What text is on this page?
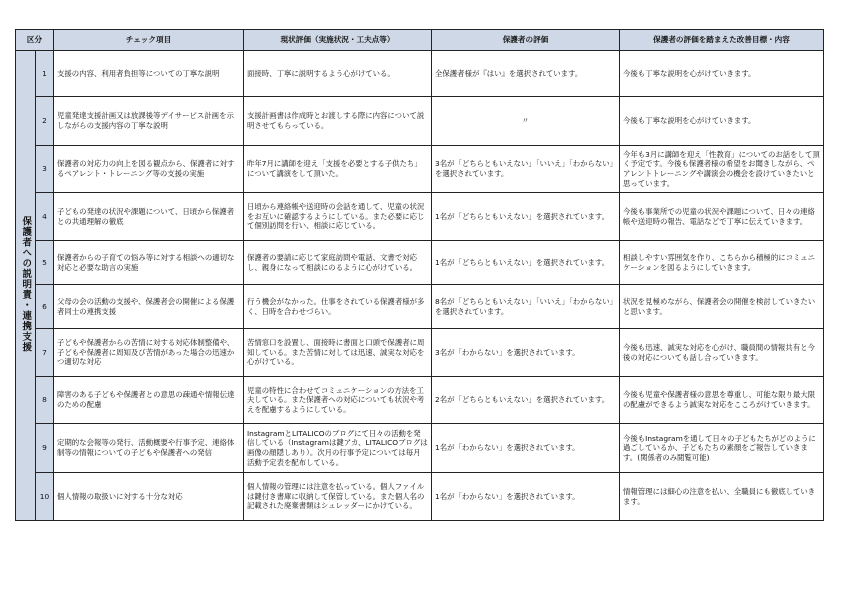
区分		チェック項目	現状評価（実施状況・工夫点等）	保護者の評価	保護者の評価を踏まえた改善目標・内容
保護者への説明責・連携支援	1	支援の内容、利用者負担等についての丁寧な説明	面接時、丁寧に説明するよう心がけている。	全保護者様が『はい』を選択されています。	今後も丁寧な説明を心がけていきます。
	2	児童発達支援計画又は放課後等デイサービス計画を示しながらの支援内容の丁寧な説明	支援計画書は作成時とお渡しする際に内容について説明させてもらっている。	〃	今後も丁寧な説明を心がけていきます。
	3	保護者の対応力の向上を図る観点から、保護者に対するペアレント・トレーニング等の支援の実施	昨年7月に講師を迎え「支援を必要とする子供たち」について講演をして頂いた。	3名が「どちらともいえない」「いいえ」「わからない」を選択されています。	今年も3月に講師を迎え「性教育」についてのお話をして頂く予定です。今後も保護者様の希望をお聞きしながら、ペアレントトレーニングや講演会の機会を設けていきたいと思っています。
	4	子どもの発達の状況や課題について、日頃から保護者との共通理解の徹底	日頃から連絡帳や送迎時の会話を通して、児童の状況をお互いに確認するようにしている。また必要に応じて個別訪問を行い、相談に応じている。	1名が「どちらともいえない」を選択されています。	今後も事業所での児童の状況や課題について、日々の連絡帳や送迎時の報告、電話などで丁寧に伝えていきます。
	5	保護者からの子育ての悩み等に対する相談への適切な対応と必要な助言の実施	保護者の要請に応じて家庭訪問や電話、文書で対応し、親身になって相談にのるように心がけている。	1名が「どちらともいえない」を選択されています。	相談しやすい雰囲気を作り、こちらから積極的にコミュニケーションを図るようにしていきます。
	6	父母の会の活動の支援や、保護者会の開催による保護者同士の連携支援	行う機会がなかった。仕事をされている保護者様が多く、日時を合わせづらい。	8名が「どちらともいえない」「いいえ」「わからない」を選択されています。	状況を見極めながら、保護者会の開催を検討していきたいと思います。
	7	子どもや保護者からの苦情に対する対応体制整備や、子どもや保護者に周知及び苦情があった場合の迅速かつ適切な対応	苦情窓口を設置し、面接時に書面と口頭で保護者に周知している。また苦情に対しては迅速、誠実な対応を心がけている。	3名が「わからない」を選択されています。	今後も迅速、誠実な対応を心がけ、職員間の情報共有と今後の対応についても話し合っていきます。
	8	障害のある子どもや保護者との意思の疎通や情報伝達のための配慮	児童の特性に合わせてコミュニケーションの方法を工夫している。また保護者への対応についても状況や考えを配慮するようにしている。	2名が「どちらともいえない」を選択されています。	今後も児童や保護者様の意思を尊重し、可能な限り最大限の配慮ができるよう誠実な対応をこころがけていきます。
	9	定期的な会報等の発行、活動概要や行事予定、連絡体制等の情報についての子どもや保護者への発信	InstagramとLITALICOのブログにて日々の活動を発信している（Instagramは鍵アカ、LITALICOブログは画像の顔隠しあり）。次月の行事予定については毎月 活動予定表を配布している。	1名が「わからない」を選択されています。	今後もInstagramを通して日々の子どもたちがどのように過ごしているか、子どもたちの素顔をご報告していきます。(関係者のみ閲覧可能)
	10	個人情報の取扱いに対する十分な対応	個人情報の管理には注意を払っている。個人ファイルは鍵付き書庫に収納して保管している。また個人名の記載された廃棄書類はシュレッダーにかけている。	1名が「わからない」を選択されています。	情報管理には細心の注意を払い、全職員にも徹底していきます。
